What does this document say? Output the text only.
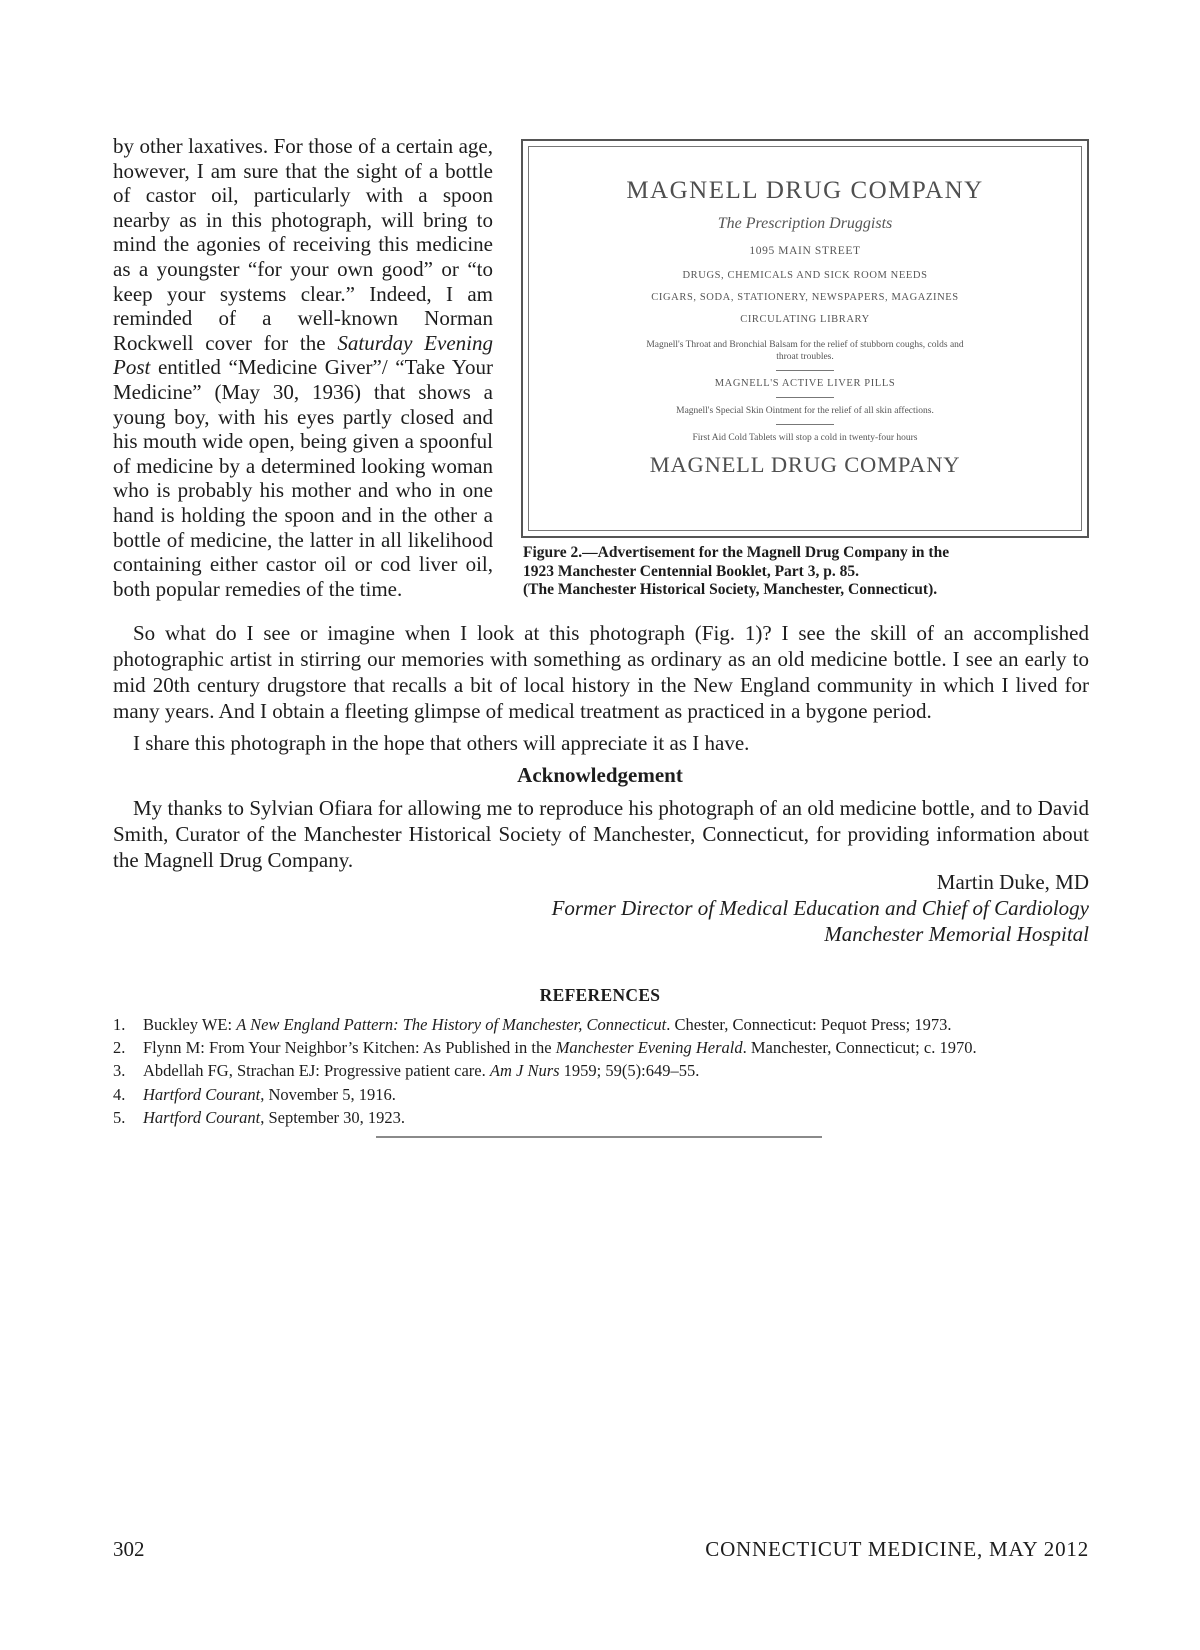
by other laxatives. For those of a certain age, however, I am sure that the sight of a bottle of castor oil, particularly with a spoon nearby as in this photograph, will bring to mind the agonies of receiving this medicine as a youngster “for your own good” or “to keep your systems clear.” Indeed, I am reminded of a well-known Norman Rockwell cover for the Saturday Evening Post entitled “Medicine Giver”/ “Take Your Medicine” (May 30, 1936) that shows a young boy, with his eyes partly closed and his mouth wide open, being given a spoonful of medicine by a determined looking woman who is probably his mother and who in one hand is holding the spoon and in the other a bottle of medicine, the latter in all likelihood containing either castor oil or cod liver oil, both popular remedies of the time.

MAGNELL DRUG COMPANY
The Prescription Druggists
1095 MAIN STREET
DRUGS, CHEMICALS AND SICK ROOM NEEDS
CIGARS, SODA, STATIONERY, NEWSPAPERS, MAGAZINES
CIRCULATING LIBRARY
Magnell's Throat and Bronchial Balsam for the relief of stubborn coughs, colds and throat troubles.
MAGNELL'S ACTIVE LIVER PILLS
Magnell's Special Skin Ointment for the relief of all skin affections.
First Aid Cold Tablets will stop a cold in twenty-four hours
MAGNELL DRUG COMPANY
Figure 2.—Advertisement for the Magnell Drug Company in the
1923 Manchester Centennial Booklet, Part 3, p. 85.
(The Manchester Historical Society, Manchester, Connecticut).

So what do I see or imagine when I look at this photograph (Fig. 1)? I see the skill of an accomplished photographic artist in stirring our memories with something as ordinary as an old medicine bottle. I see an early to mid 20th century drugstore that recalls a bit of local history in the New England community in which I lived for many years. And I obtain a fleeting glimpse of medical treatment as practiced in a bygone period.

I share this photograph in the hope that others will appreciate it as I have.

Acknowledgement

My thanks to Sylvian Ofiara for allowing me to reproduce his photograph of an old medicine bottle, and to David Smith, Curator of the Manchester Historical Society of Manchester, Connecticut, for providing information about the Magnell Drug Company.

Martin Duke, MD
Former Director of Medical Education and Chief of Cardiology
Manchester Memorial Hospital
REFERENCES
1. Buckley WE: A New England Pattern: The History of Manchester, Connecticut. Chester, Connecticut: Pequot Press; 1973.
2. Flynn M: From Your Neighbor’s Kitchen: As Published in the Manchester Evening Herald. Manchester, Connecticut; c. 1970.
3. Abdellah FG, Strachan EJ: Progressive patient care. Am J Nurs 1959; 59(5):649–55.
4. Hartford Courant, November 5, 1916.
5. Hartford Courant, September 30, 1923.
302	CONNECTICUT MEDICINE, MAY 2012
